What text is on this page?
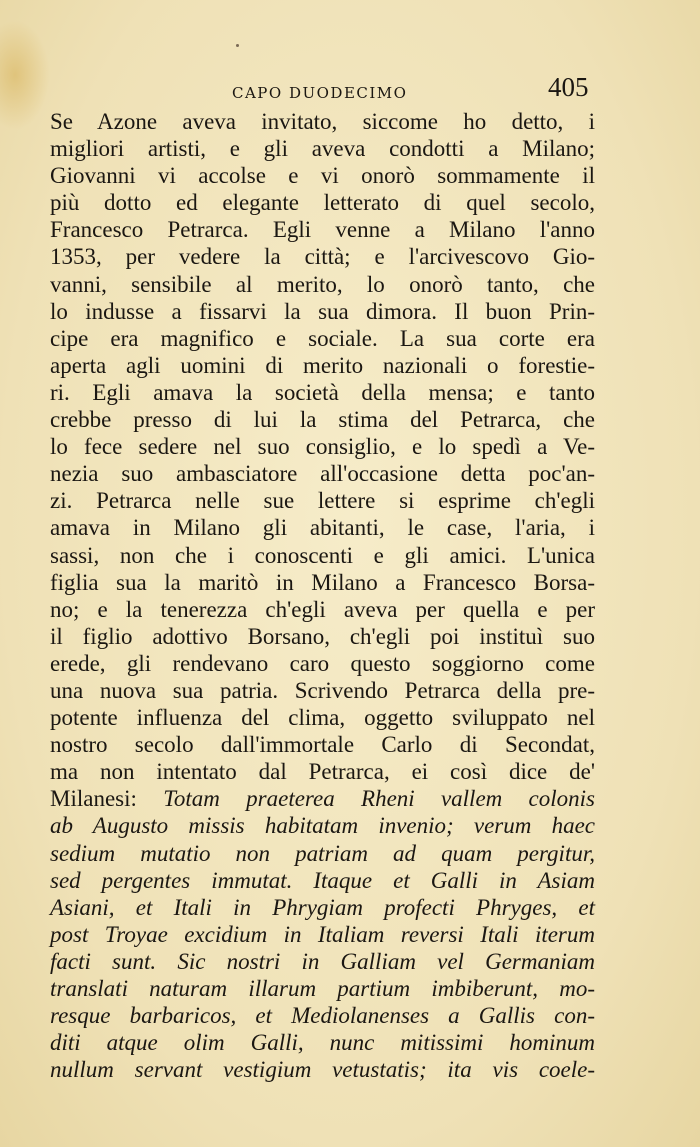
CAPO DUODECIMO	405
Se Azone aveva invitato, siccome ho detto, i
migliori artisti, e gli aveva condotti a Milano;
Giovanni vi accolse e vi onorò sommamente il
più dotto ed elegante letterato di quel secolo,
Francesco Petrarca. Egli venne a Milano l'anno
1353, per vedere la città; e l'arcivescovo Gio-
vanni, sensibile al merito, lo onorò tanto, che
lo indusse a fissarvi la sua dimora. Il buon Prin-
cipe era magnifico e sociale. La sua corte era
aperta agli uomini di merito nazionali o forestie-
ri. Egli amava la società della mensa; e tanto
crebbe presso di lui la stima del Petrarca, che
lo fece sedere nel suo consiglio, e lo spedì a Ve-
nezia suo ambasciatore all'occasione detta poc'an-
zi. Petrarca nelle sue lettere si esprime ch'egli
amava in Milano gli abitanti, le case, l'aria, i
sassi, non che i conoscenti e gli amici. L'unica
figlia sua la maritò in Milano a Francesco Borsa-
no; e la tenerezza ch'egli aveva per quella e per
il figlio adottivo Borsano, ch'egli poi instituì suo
erede, gli rendevano caro questo soggiorno come
una nuova sua patria. Scrivendo Petrarca della pre-
potente influenza del clima, oggetto sviluppato nel
nostro secolo dall'immortale Carlo di Secondat,
ma non intentato dal Petrarca, ei così dice de'
Milanesi: Totam praeterea Rheni vallem colonis
ab Augusto missis habitatam invenio; verum haec
sedium mutatio non patriam ad quam pergitur,
sed pergentes immutat. Itaque et Galli in Asiam
Asiani, et Itali in Phrygiam profecti Phryges, et
post Troyae excidium in Italiam reversi Itali iterum
facti sunt. Sic nostri in Galliam vel Germaniam
translati naturam illarum partium imbiberunt, mo-
resque barbaricos, et Mediolanenses a Gallis con-
diti atque olim Galli, nunc mitissimi hominum
nullum servant vestigium vetustatis; ita vis coele-
